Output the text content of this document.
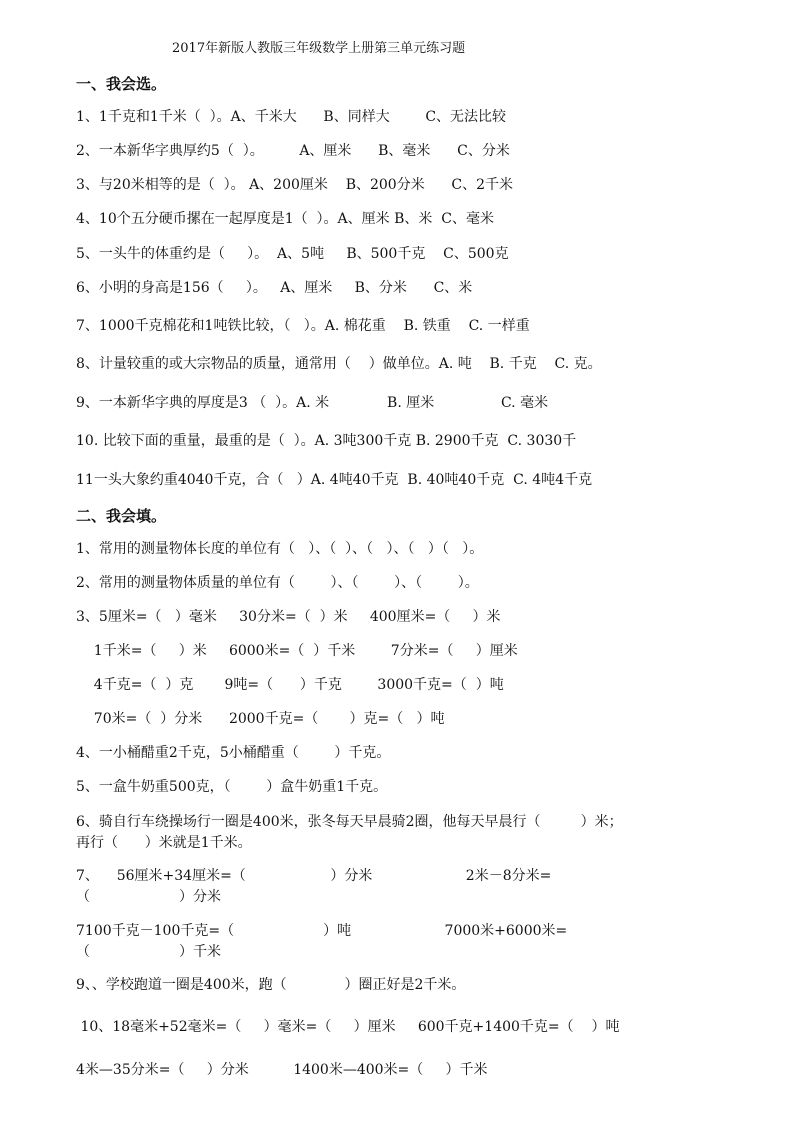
2017年新版人教版三年级数学上册第三单元练习题
一、我会选。
1、1千克和1千米（  ）。A、千米大      B、同样大        C、无法比较
2、一本新华字典厚约5（  ）。        A、厘米      B、毫米      C、分米
3、与20米相等的是（  ）。 A、200厘米    B、200分米      C、2千米
4、10个五分硬币摞在一起厚度是1（  ）。A、厘米 B、米  C、毫米
5、一头牛的体重约是（     ）。  A、5吨     B、500千克    C、500克
6、小明的身高是156（     ）。   A、厘米     B、分米      C、米
7、1000千克棉花和1吨铁比较，（   ）。A. 棉花重    B. 铁重    C. 一样重
8、计量较重的或大宗物品的质量，通常用（    ）做单位。A. 吨    B. 千克    C. 克。
9、一本新华字典的厚度是3 （  ）。A. 米             B. 厘米               C. 毫米
10. 比较下面的重量，最重的是（  ）。A. 3吨300千克 B. 2900千克  C. 3030千
11一头大象约重4040千克，合（   ）A. 4吨40千克  B. 40吨40千克  C. 4吨4千克
二、我会填。
1、常用的测量物体长度的单位有（   ）、（  ）、（   ）、（   ）（   ）。
2、常用的测量物体质量的单位有（        ）、（        ）、（        ）。
3、5厘米=（   ）毫米     30分米=（  ）米     400厘米=（     ）米
1千米=（     ）米     6000米=（  ）千米        7分米=（     ）厘米
4千克=（  ）克       9吨=（      ）千克        3000千克=（  ）吨
70米=（  ）分米      2000千克=（       ）克=（   ）吨
4、一小桶醋重2千克，5小桶醋重（        ）千克。
5、一盒牛奶重500克，（        ）盒牛奶重1千克。
6、骑自行车绕操场行一圈是400米，张冬每天早晨骑2圈，他每天早晨行（         ）米；
再行（      ）米就是1千米。
7、    56厘米+34厘米=（                   ）分米                     2米－8分米=
（                    ）分米
7100千克－100千克=（                    ）吨                     7000米+6000米=
（                    ）千米
9、、学校跑道一圈是400米，跑（             ）圈正好是2千米。
10、18毫米+52毫米=（     ）毫米=（     ）厘米     600千克+1400千克=（    ）吨
4米—35分米=（     ）分米          1400米—400米=（     ）千米
